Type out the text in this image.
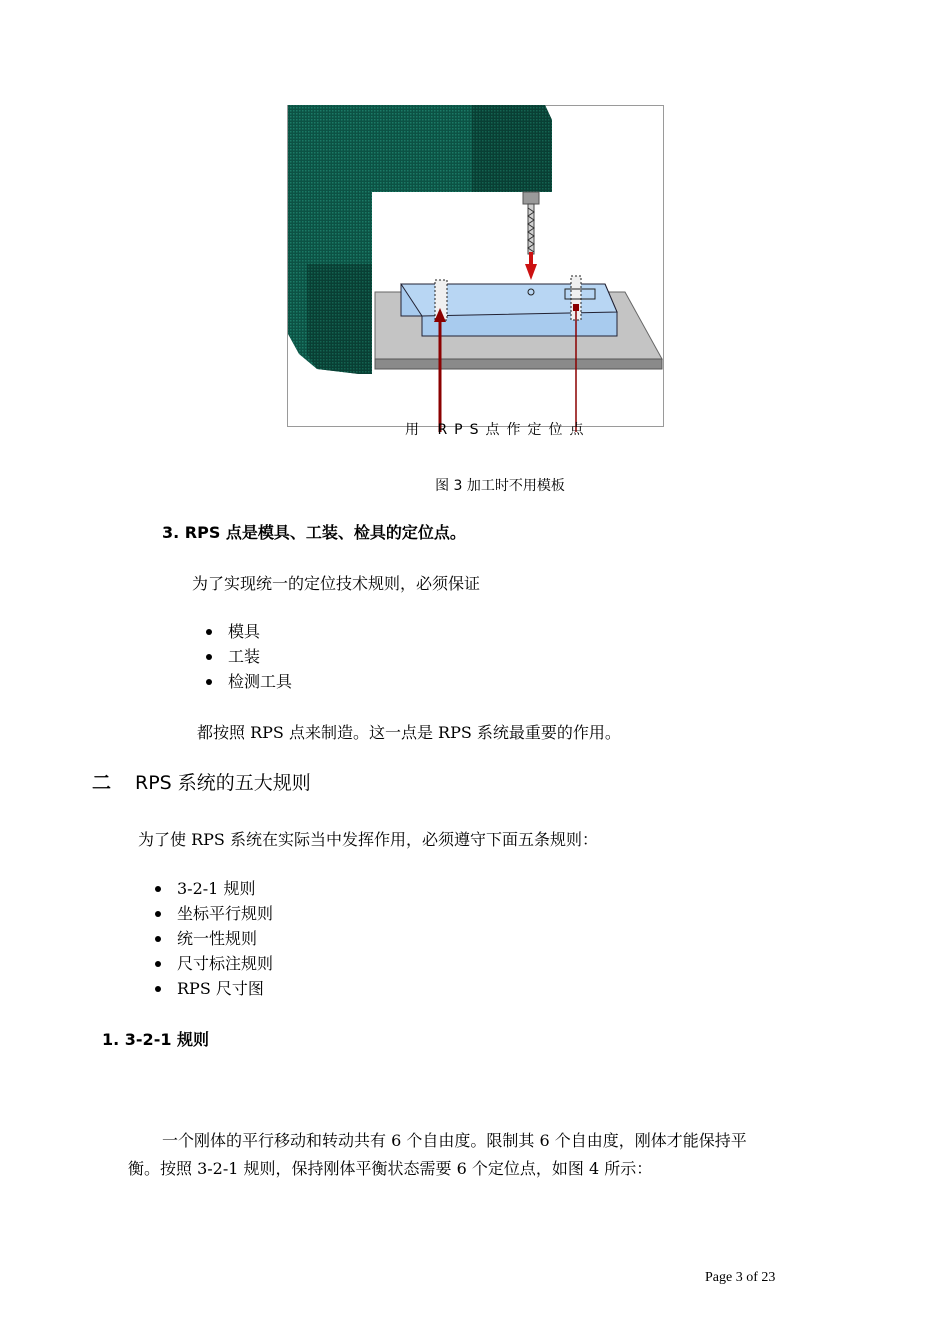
用 RPS点作定位点
图 3 加工时不用模板
3. RPS 点是模具、工装、检具的定位点。
为了实现统一的定位技术规则，必须保证
模具
工装
检测工具
都按照 RPS 点来制造。这一点是 RPS 系统最重要的作用。
二 RPS 系统的五大规则
为了使 RPS 系统在实际当中发挥作用，必须遵守下面五条规则：
3-2-1 规则
坐标平行规则
统一性规则
尺寸标注规则
RPS 尺寸图
1. 3-2-1 规则
一个刚体的平行移动和转动共有 6 个自由度。限制其 6 个自由度，刚体才能保持平
衡。按照 3-2-1 规则，保持刚体平衡状态需要 6 个定位点，如图 4 所示：
Page 3 of 23
